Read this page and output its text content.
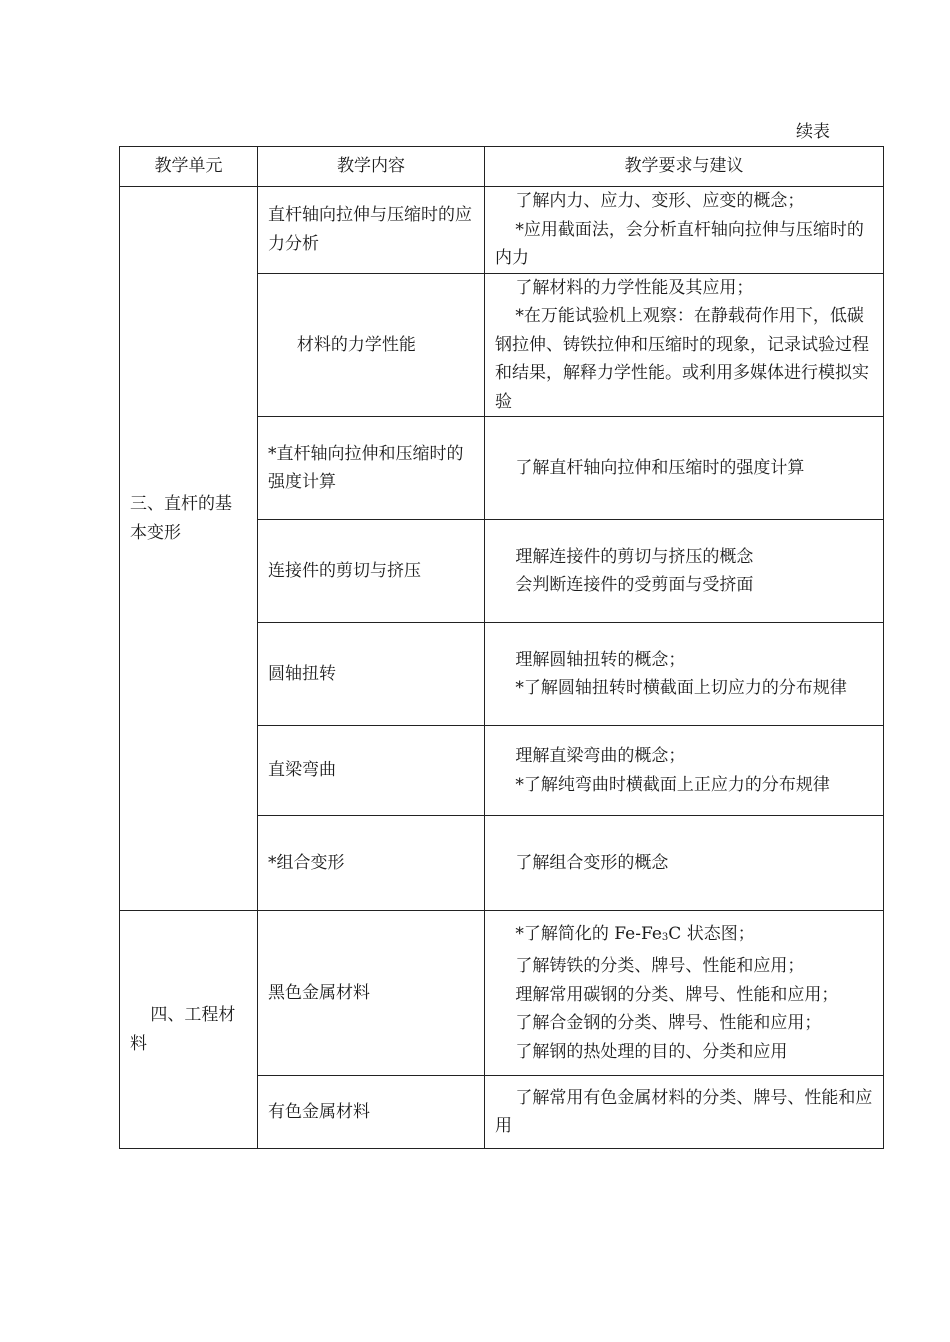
续表
教学单元	教学内容	教学要求与建议
三、直杆的基本变形	直杆轴向拉伸与压缩时的应力分析	了解内力、应力、变形、应变的概念；
*应用截面法，会分析直杆轴向拉伸与压缩时的内力

	材料的力学性能	了解材料的力学性能及其应用；
*在万能试验机上观察：在静载荷作用下，低碳钢拉伸、铸铁拉伸和压缩时的现象，记录试验过程和结果，解释力学性能。或利用多媒体进行模拟实验

	*直杆轴向拉伸和压缩时的强度计算	了解直杆轴向拉伸和压缩时的强度计算

	连接件的剪切与挤压	理解连接件的剪切与挤压的概念
会判断连接件的受剪面与受挤面

	圆轴扭转	理解圆轴扭转的概念；
*了解圆轴扭转时横截面上切应力的分布规律

	直梁弯曲	理解直梁弯曲的概念；
*了解纯弯曲时横截面上正应力的分布规律

	*组合变形	了解组合变形的概念

四、工程材料	黑色金属材料	*了解简化的 $Fe-Fe_3C$ 状态图；
了解铸铁的分类、牌号、性能和应用；
理解常用碳钢的分类、牌号、性能和应用；
了解合金钢的分类、牌号、性能和应用；
了解钢的热处理的目的、分类和应用

	有色金属材料	了解常用有色金属材料的分类、牌号、性能和应用
